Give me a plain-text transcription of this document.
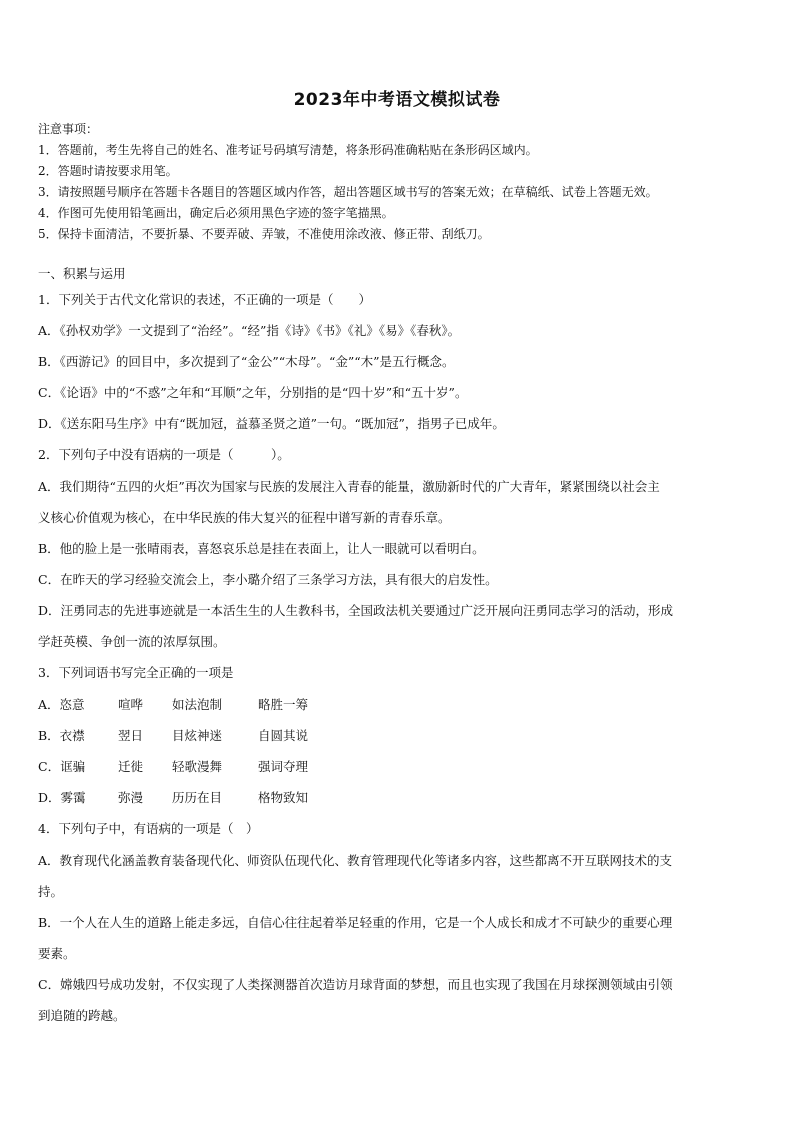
2023年中考语文模拟试卷
注意事项：
1．答题前，考生先将自己的姓名、准考证号码填写清楚，将条形码准确粘贴在条形码区域内。
2．答题时请按要求用笔。
3．请按照题号顺序在答题卡各题目的答题区域内作答，超出答题区域书写的答案无效；在草稿纸、试卷上答题无效。
4．作图可先使用铅笔画出，确定后必须用黑色字迹的签字笔描黑。
5．保持卡面清洁，不要折暴、不要弄破、弄皱，不准使用涂改液、修正带、刮纸刀。
一、积累与运用
1．下列关于古代文化常识的表述，不正确的一项是（　　）
A．《孙权劝学》一文提到了“治经”。“经”指《诗》《书》《礼》《易》《春秋》。
B．《西游记》的回目中，多次提到了“金公”“木母”。“金”“木”是五行概念。
C．《论语》中的“不惑”之年和“耳顺”之年，分别指的是“四十岁”和“五十岁”。
D．《送东阳马生序》中有“既加冠，益慕圣贤之道”一句。“既加冠”，指男子已成年。
2．下列句子中没有语病的一项是（　　　）。
A．我们期待“五四的火炬”再次为国家与民族的发展注入青春的能量，激励新时代的广大青年，紧紧围绕以社会主
义核心价值观为核心，在中华民族的伟大复兴的征程中谱写新的青春乐章。
B．他的脸上是一张晴雨表，喜怒哀乐总是挂在表面上，让人一眼就可以看明白。
C．在昨天的学习经验交流会上，李小璐介绍了三条学习方法，具有很大的启发性。
D．汪勇同志的先进事迹就是一本活生生的人生教科书，全国政法机关要通过广泛开展向汪勇同志学习的活动，形成
学赶英模、争创一流的浓厚氛围。
3．下列词语书写完全正确的一项是
A．恣意	喧哗 如法泡制	略胜一筹
B．衣襟	翌日 目炫神迷	自圆其说
C．诓骗	迁徙 轻歌漫舞	强词夺理
D．雾霭	弥漫 历历在目	格物致知
4．下列句子中，有语病的一项是（　）
A．教育现代化涵盖教育装备现代化、师资队伍现代化、教育管理现代化等诸多内容，这些都离不开互联网技术的支
持。
B．一个人在人生的道路上能走多远，自信心往往起着举足轻重的作用，它是一个人成长和成才不可缺少的重要心理
要素。
C．嫦娥四号成功发射，不仅实现了人类探测器首次造访月球背面的梦想，而且也实现了我国在月球探测领域由引领
到追随的跨越。
